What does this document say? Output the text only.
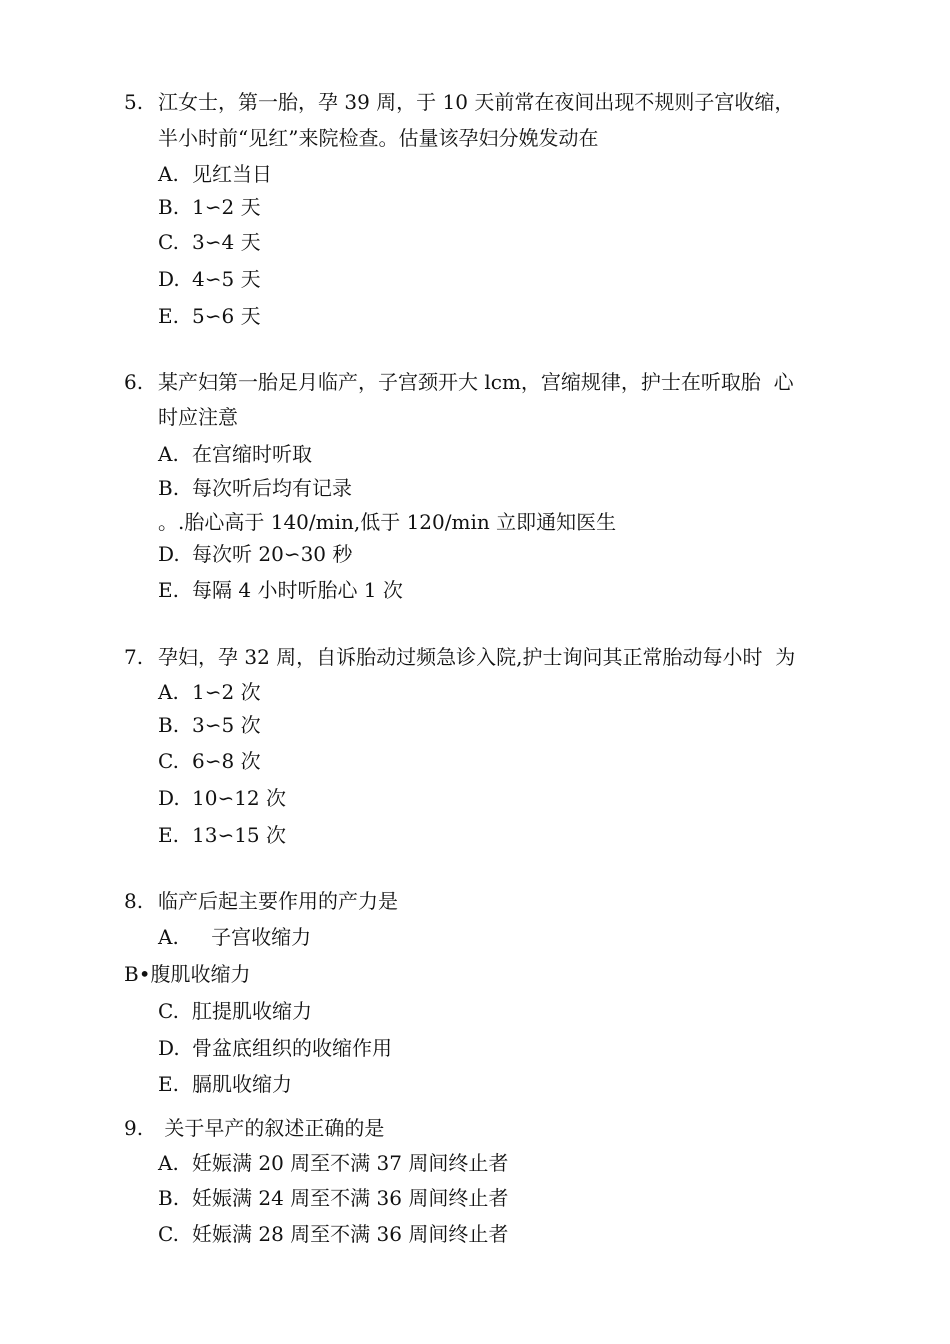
5. 江女士，第一胎，孕 39 周，于 10 天前常在夜间出现不规则子宫收缩，
半小时前“见红”来院检查。估量该孕妇分娩发动在
A. 见红当日
B. 1∽2 天
C. 3∽4 天
D. 4∽5 天
E. 5∽6 天
6. 某产妇第一胎足月临产，子宫颈开大 lcm，宫缩规律，护士在听取胎  心
时应注意
A. 在宫缩时听取
B. 每次听后均有记录
。.胎心高于 140/min,低于 120/min 立即通知医生
D. 每次听 20∽30 秒
E. 每隔 4 小时听胎心 1 次
7. 孕妇，孕 32 周，自诉胎动过频急诊入院,护士询问其正常胎动每小时  为
A. 1∽2 次
B. 3∽5 次
C. 6∽8 次
D. 10∽12 次
E. 13∽15 次
8. 临产后起主要作用的产力是
A.   子宫收缩力
B•腹肌收缩力
C. 肛提肌收缩力
D. 骨盆底组织的收缩作用
E. 膈肌收缩力
9. 关于早产的叙述正确的是
A. 妊娠满 20 周至不满 37 周间终止者
B. 妊娠满 24 周至不满 36 周间终止者
C. 妊娠满 28 周至不满 36 周间终止者
